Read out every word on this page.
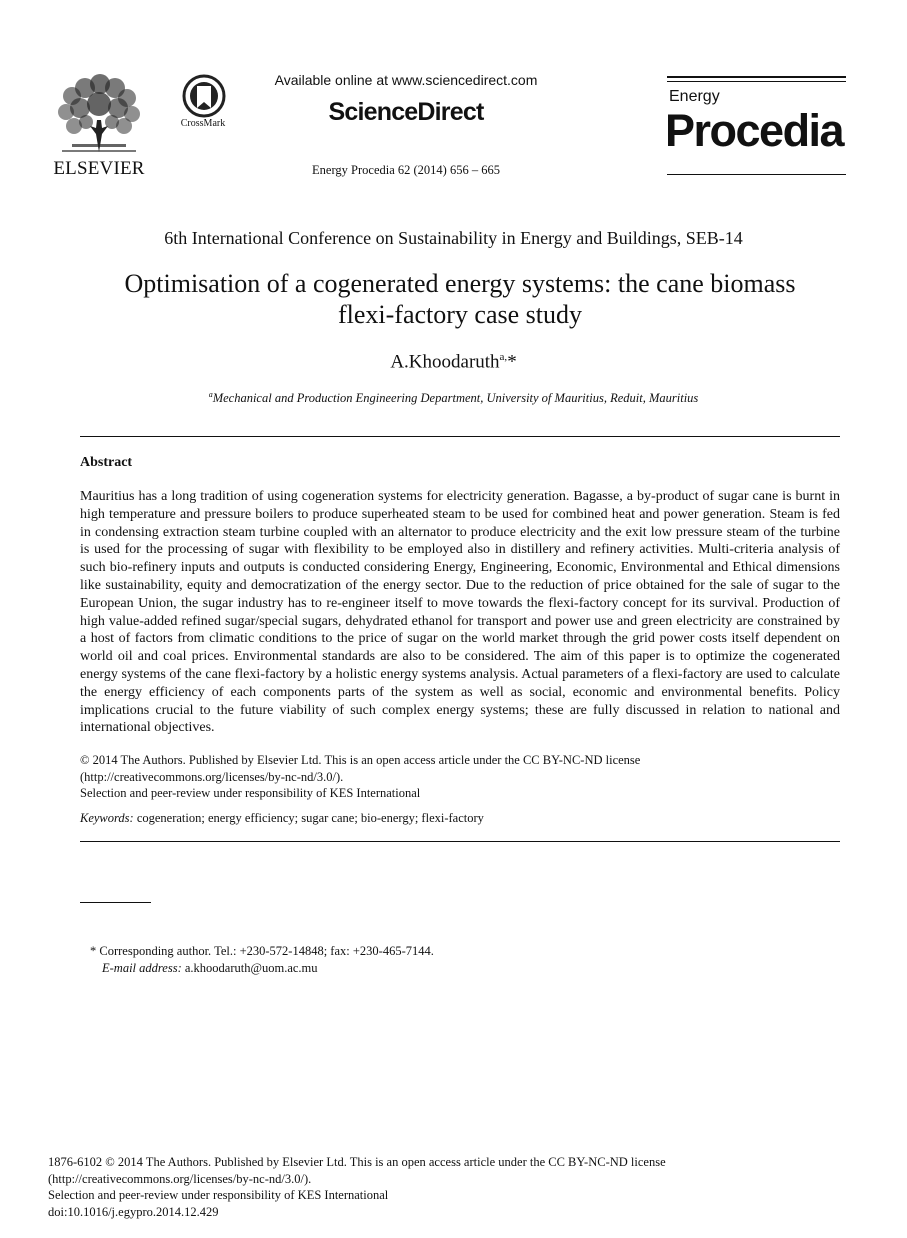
ELSEVIER
CrossMark
Available online at www.sciencedirect.com
ScienceDirect
Energy Procedia 62 (2014) 656 – 665
Energy
Procedia
6th International Conference on Sustainability in Energy and Buildings, SEB-14
Optimisation of a cogenerated energy systems: the cane biomass
flexi-factory case study
A.Khoodaruth$^{a,}$*
$^a$Mechanical and Production Engineering Department, University of Mauritius, Reduit, Mauritius
Abstract
Mauritius has a long tradition of using cogeneration systems for electricity generation. Bagasse, a by-product of sugar cane is burnt in high temperature and pressure boilers to produce superheated steam to be used for combined heat and power generation. Steam is fed in condensing extraction steam turbine coupled with an alternator to produce electricity and the exit low pressure steam of the turbine is used for the processing of sugar with flexibility to be employed also in distillery and refinery activities. Multi-criteria analysis of such bio-refinery inputs and outputs is conducted considering Energy, Engineering, Economic, Environmental and Ethical dimensions like sustainability, equity and democratization of the energy sector. Due to the reduction of price obtained for the sale of sugar to the European Union, the sugar industry has to re-engineer itself to move towards the flexi-factory concept for its survival. Production of high value-added refined sugar/special sugars, dehydrated ethanol for transport and power use and green electricity are constrained by a host of factors from climatic conditions to the price of sugar on the world market through the grid power costs itself dependent on world oil and coal prices. Environmental standards are also to be considered. The aim of this paper is to optimize the cogenerated energy systems of the cane flexi-factory by a holistic energy systems analysis. Actual parameters of a flexi-factory are used to calculate the energy efficiency of each components parts of the system as well as social, economic and environmental benefits. Policy implications crucial to the future viability of such complex energy systems; these are fully discussed in relation to national and international objectives.
© 2014 The Authors. Published by Elsevier Ltd. This is an open access article under the CC BY-NC-ND license
(http://creativecommons.org/licenses/by-nc-nd/3.0/).
Selection and peer-review under responsibility of KES International
Keywords: cogeneration; energy efficiency; sugar cane; bio-energy; flexi-factory
* Corresponding author. Tel.: +230-572-14848; fax: +230-465-7144.
E-mail address: a.khoodaruth@uom.ac.mu
1876-6102 © 2014 The Authors. Published by Elsevier Ltd. This is an open access article under the CC BY-NC-ND license
(http://creativecommons.org/licenses/by-nc-nd/3.0/).
Selection and peer-review under responsibility of KES International
doi:10.1016/j.egypro.2014.12.429
